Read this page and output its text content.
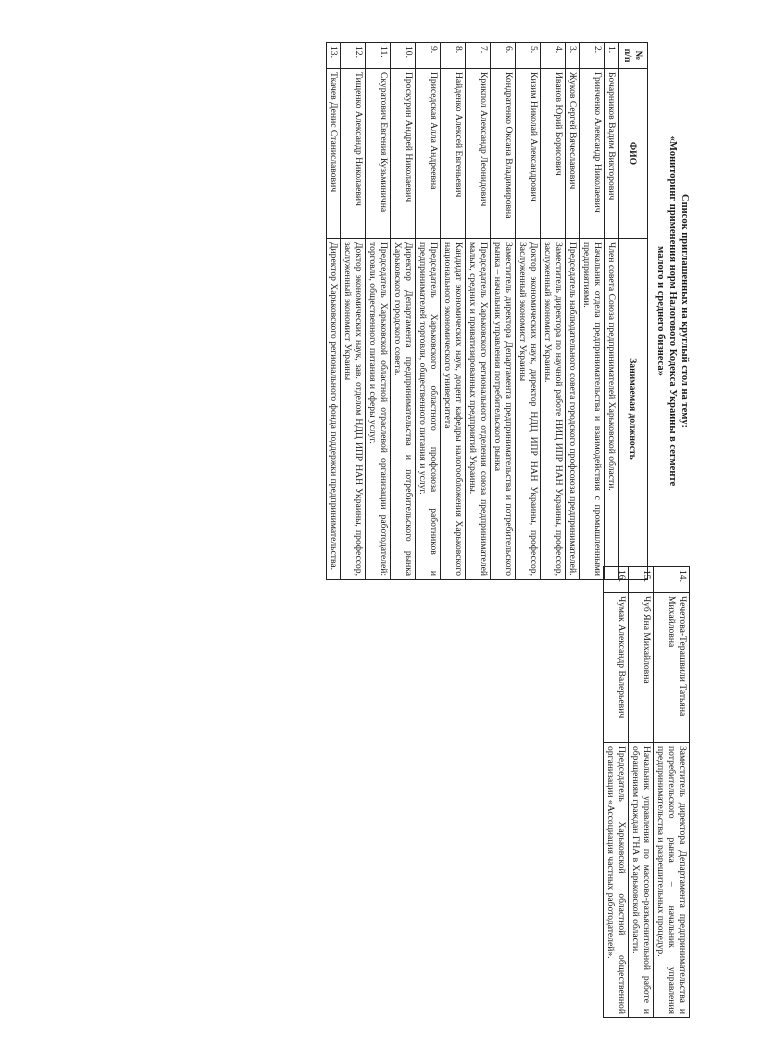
Список приглашенных на круглый стол на тему:
«Мониторинг применения норм Налогового Кодекса Украины в сегменте
малого и среднего бизнеса»
№ п/п	ФИО	Занимаемая должность
1.	Бочарников Вадим Викторович	Член совета Союза предпринимателей Харьковской области.
2.	Гринченко Александр Николаевич	Начальник отдела предпринимательства и взаимодействия с промышленными предприятиями.
3.	Жуков Сергей Вячеславович	Председатель наблюдательного совета городского профсоюза предпринимателей.
4.	Иванов Юрий Борисович	Заместитель директора по научной работе НИЦ ИПР НАН Украины, профессор, заслуженный экономист Украины.
5.	Кизим Николай Александрович	Доктор экономических наук, директор НДЦ ИПР НАН Украины, профессор, Заслуженный экономист Украины
6.	Кондратенко Оксана Владимировна	Заместитель директора Департамента предпринимательства и потребительского рынка – начальник управления потребительского рынка
7.	Крикпол Александр Леонидович	Председатель Харьковского регионального отделения союза предпринимателей малых, средних и приватизированных предприятий Украины.
8.	Найденко Алексей Евгеньевич	Кандидат экономических наук, доцент кафедры налогообложения Харьковского национального экономического университета
9.	Приседская Алла Андреевна	Председатель Харьковского областного профсоюза работников и предпринимателей торговли, общественного питания и услуг.
10.	Проскурин Андрей Николаевич	Директор Департамента предпринимательства и потребительского рынка Харьковского городского совета.
11.	Скуратович Евгения Кузьминична	Председатель Харьковской областной отраслевой организации работодателей: торговли, общественного питания и сферы услуг.
12.	Тищенко Александр Николаевич	Доктор экономических наук, зав. отделом НДЦ ИПР НАН Украины, профессор, заслуженный экономист Украины
13.	Ткачев Денис Станиславович	Директор Харьковского регионального фонда поддержки предпринимательства.
14.	Чечетова-Терашвили Татьяна Михайловна	Заместитель директора Департамента предпринимательства и потребительского рынка – начальник управления предпринимательства и разрешительных процедур.
15.	Чуб Яна Михайловна	Начальник управления по массово-разъяснительной работе и обращениям граждан ГНА в Харьковской области.
16.	Чумак Александр Валерьевич	Председатель Харьковской областной общественной организации «Ассоциация частных работодателей».
